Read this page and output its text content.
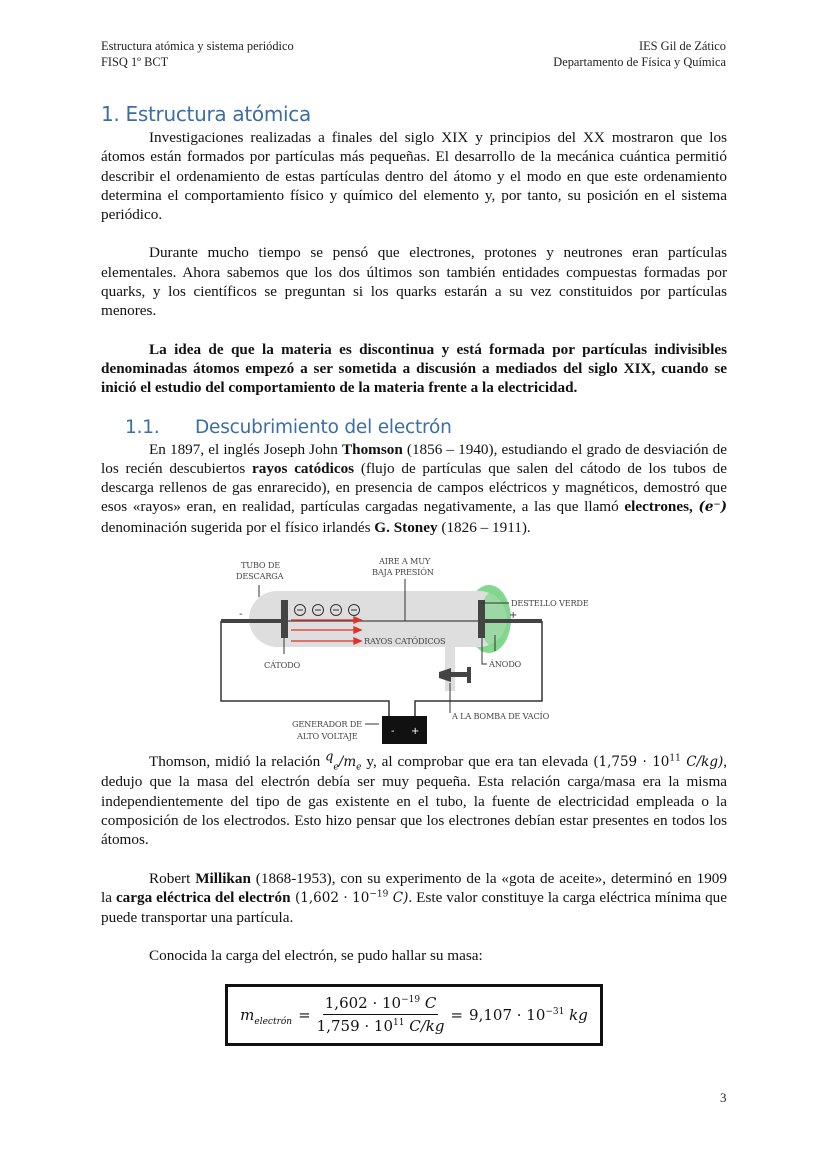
Estructura atómica y sistema periódico
FISQ 1º BCT
IES Gil de Zático
Departamento de Física y Química
1. Estructura atómica

Investigaciones realizadas a finales del siglo XIX y principios del XX mostraron que los átomos están formados por partículas más pequeñas. El desarrollo de la mecánica cuántica permitió describir el ordenamiento de estas partículas dentro del átomo y el modo en que este ordenamiento determina el comportamiento físico y químico del elemento y, por tanto, su posición en el sistema periódico.

Durante mucho tiempo se pensó que electrones, protones y neutrones eran partículas elementales. Ahora sabemos que los dos últimos son también entidades compuestas formadas por quarks, y los científicos se preguntan si los quarks estarán a su vez constituidos por partículas menores.

La idea de que la materia es discontinua y está formada por partículas indivisibles denominadas átomos empezó a ser sometida a discusión a mediados del siglo XIX, cuando se inició el estudio del comportamiento de la materia frente a la electricidad.

1.1. Descubrimiento del electrón

En 1897, el inglés Joseph John Thomson (1856 – 1940), estudiando el grado de desviación de los recién descubiertos rayos catódicos (flujo de partículas que salen del cátodo de los tubos de descarga rellenos de gas enrarecido), en presencia de campos eléctricos y magnéticos, demostró que esos «rayos» eran, en realidad, partículas cargadas negativamente, a las que llamó electrones, (e⁻) denominación sugerida por el físico irlandés G. Stoney (1826 – 1911).

TUBO DE
DESCARGA
AIRE A MUY
BAJA PRESIÓN
DESTELLO VERDE
RAYOS CATÓDICOS
CÁTODO	ÁNODO
A LA BOMBA DE VACÍO
GENERADOR DE
ALTO VOLTAJE
-	+
- +

Thomson, midió la relación $^q_e/m_e$ y, al comprobar que era tan elevada ($1,759 \cdot 10^{11}$ C/kg), dedujo que la masa del electrón debía ser muy pequeña. Esta relación carga/masa era la misma independientemente del tipo de gas existente en el tubo, la fuente de electricidad empleada o la composición de los electrodos. Esto hizo pensar que los electrones debían estar presentes en todos los átomos.

Robert Millikan (1868-1953), con su experimento de la «gota de aceite», determinó en 1909 la carga eléctrica del electrón ($1,602 \cdot 10^{-19}$ C). Este valor constituye la carga eléctrica mínima que puede transportar una partícula.

Conocida la carga del electrón, se pudo hallar su masa:

$m_{electrón} = \frac{1,602 \cdot 10^{-19} C}{1,759 \cdot 10^{11} C/kg} = 9,107 \cdot 10^{-31}$ kg
3
